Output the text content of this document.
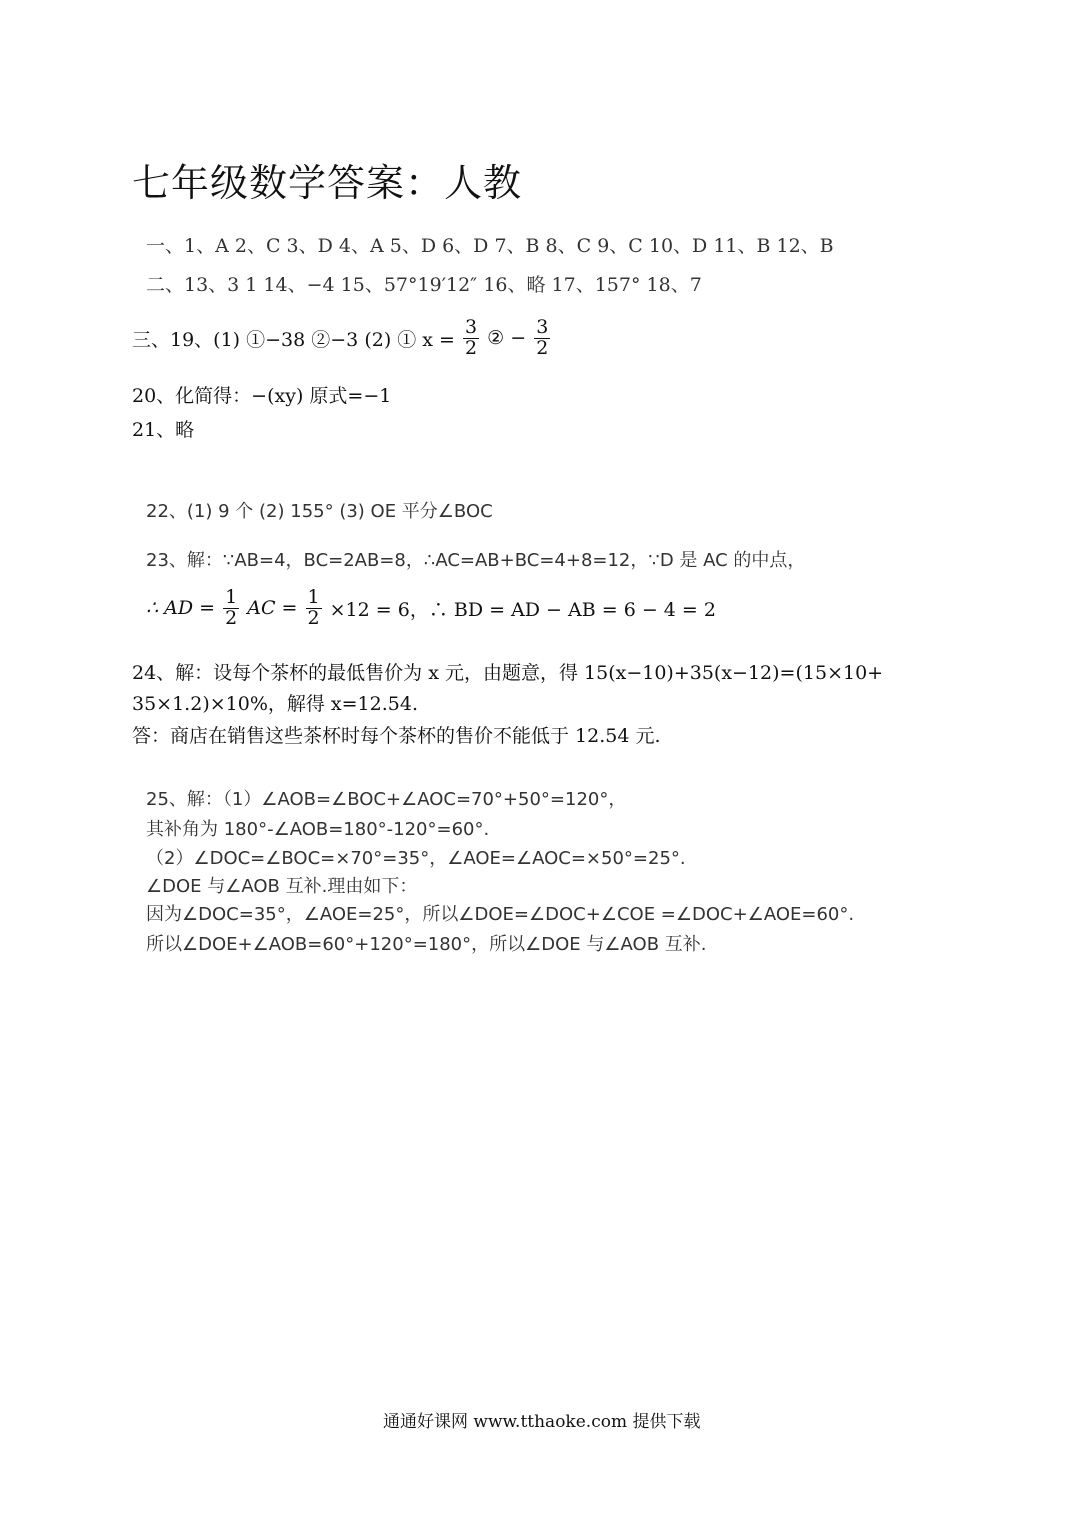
七年级数学答案：人教
一、1、A 2、C 3、D 4、A 5、D 6、D 7、B 8、C 9、C 10、D 11、B 12、B
二、13、3 1 14、−4 15、57°19′12″ 16、略 17、157° 18、7
三、19、(1) ①−38 ②−3 (2) ① $x = \frac{3}{2}$ ② − $\frac{3}{2}$
20、化简得：−(xy) 原式=−1
21、略
22、(1) 9 个 (2) 155° (3) OE 平分∠BOC
23、解：∵AB=4，BC=2AB=8，∴AC=AB+BC=4+8=12，∵D 是 AC 的中点，
∴ AD = $\frac{1}{2}$ AC = $\frac{1}{2} \times 12 = 6$，∴ BD = AD − AB = 6 − 4 = 2
24、解：设每个茶杯的最低售价为 x 元，由题意，得 15(x−10)+35(x−12)=(15×10+
35×1.2)×10%，解得 x=12.54.
答：商店在销售这些茶杯时每个茶杯的售价不能低于 12.54 元.
25、解：（1）∠AOB=∠BOC+∠AOC=70°+50°=120°，
其补角为 180°-∠AOB=180°-120°=60°.
（2）∠DOC=∠BOC=×70°=35°，∠AOE=∠AOC=×50°=25°.
∠DOE 与∠AOB 互补.理由如下：
因为∠DOC=35°，∠AOE=25°，所以∠DOE=∠DOC+∠COE =∠DOC+∠AOE=60°.
所以∠DOE+∠AOB=60°+120°=180°，所以∠DOE 与∠AOB 互补.
通通好课网 www.tthaoke.com 提供下载
